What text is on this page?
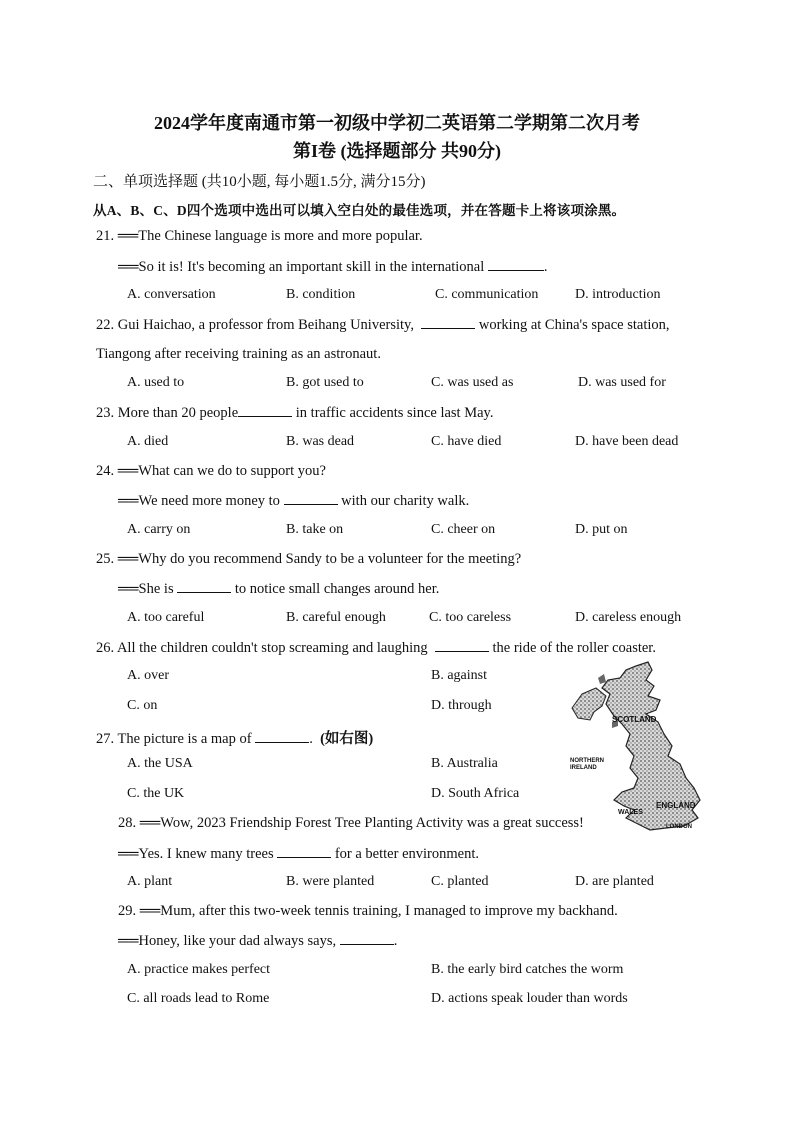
2024学年度南通市第一初级中学初二英语第二学期第二次月考
第I卷 (选择题部分 共90分)
二、单项选择题 (共10小题, 每小题1.5分, 满分15分)
从A、B、C、D四个选项中选出可以填入空白处的最佳选项，并在答题卡上将该项涂黑。
21. ══The Chinese language is more and more popular.
══So it is! It's becoming an important skill in the international	.
A. conversation	B. condition	C. communication	D. introduction
22. Gui Haichao, a professor from Beihang University,	working at China's space station,
Tiangong after receiving training as an astronaut.
A. used to	B. got used to	C. was used as	D. was used for
23. More than 20 people	in traffic accidents since last May.
A. died	B. was dead	C. have died	D. have been dead
24. ══What can we do to support you?
══We need more money to	with our charity walk.
A. carry on	B. take on	C. cheer on	D. put on
25. ══Why do you recommend Sandy to be a volunteer for the meeting?
══She is	to notice small changes around her.
A. too careful	B. careful enough	C. too careless	D. careless enough
26. All the children couldn't stop screaming and laughing	the ride of the roller coaster.
A. over	B. against
C. on	D. through
27. The picture is a map of	. (如右图)
A. the USA	B. Australia
C. the UK	D. South Africa
28. ══Wow, 2023 Friendship Forest Tree Planting Activity was a great success!
══Yes. I knew many trees	for a better environment.
A. plant	B. were planted	C. planted	D. are planted
29. ══Mum, after this two-week tennis training, I managed to improve my backhand.
══Honey, like your dad always says,	.
A. practice makes perfect	B. the early bird catches the worm
C. all roads lead to Rome	D. actions speak louder than words
SCOTLAND
NORTHERN IRELAND
ENGLAND
WALES
LONDON
